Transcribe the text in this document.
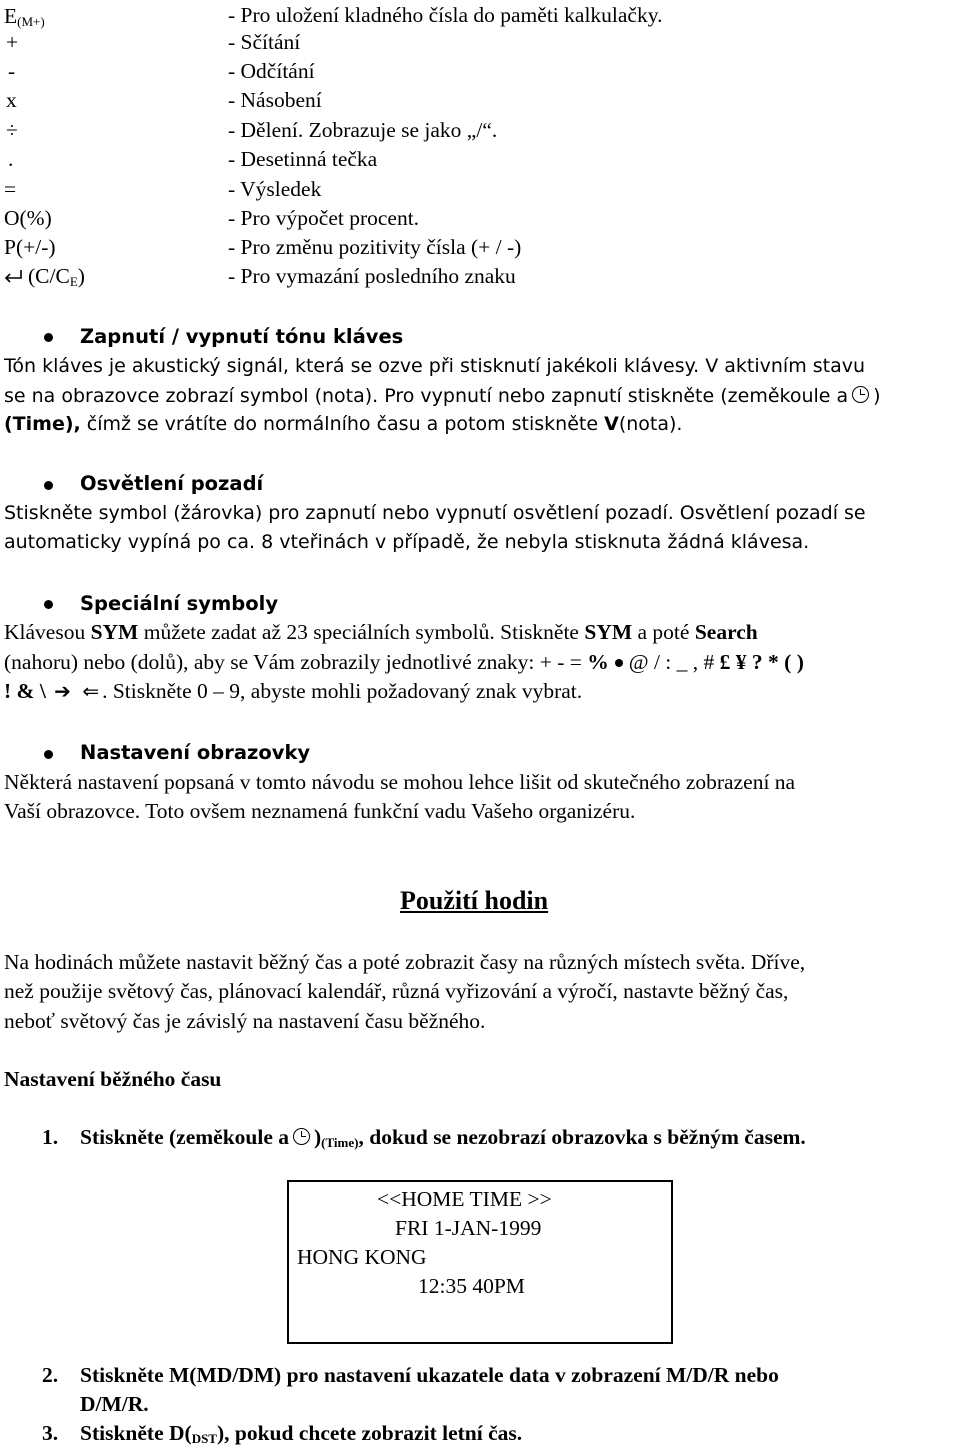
$E_{(M+)}$	- Pro uložení kladného čísla do paměti kalkulačky.
+	- Sčítání
-	- Odčítání
x	- Násobení
÷	- Dělení. Zobrazuje se jako „/“.
.	- Desetinná tečka
=	- Výsledek
O(%)	- Pro výpočet procent.
P(+/-)	- Pro změnu pozitivity čísla (+ / -)
$(C/C_E)$	- Pro vymazání posledního znaku
Zapnutí / vypnutí tónu kláves
Tón kláves je akustický signál, která se ozve při stisknutí jakékoli klávesy. V aktivním stavu
se na obrazovce zobrazí symbol (nota). Pro vypnutí nebo zapnutí stiskněte (zeměkoule a )
(Time), čímž se vrátíte do normálního času a potom stiskněte V(nota).
Osvětlení pozadí
Stiskněte symbol (žárovka) pro zapnutí nebo vypnutí osvětlení pozadí. Osvětlení pozadí se
automaticky vypíná po ca. 8 vteřinách v případě, že nebyla stisknuta žádná klávesa.
Speciální symboly
Klávesou SYM můžete zadat až 23 speciálních symbolů. Stiskněte SYM a poté Search
(nahoru) nebo (dolů), aby se Vám zobrazily jednotlivé znaky: + - = % @ / : _ , # £ ¥ ? * ( )
! & \ ➔ ⇐ . Stiskněte 0 – 9, abyste mohli požadovaný znak vybrat.
Nastavení obrazovky
Některá nastavení popsaná v tomto návodu se mohou lehce lišit od skutečného zobrazení na
Vaší obrazovce. Toto ovšem neznamená funkční vadu Vašeho organizéru.
Použití hodin
Na hodinách můžete nastavit běžný čas a poté zobrazit časy na různých místech světa. Dříve,
než použije světový čas, plánovací kalendář, různá vyřizování a výročí, nastavte běžný čas,
neboť světový čas je závislý na nastavení času běžného.
Nastavení běžného času
1. Stiskněte (zeměkoule a )$_{(Time)}$, dokud se nezobrazí obrazovka s běžným časem.
<<HOME TIME >>
FRI 1-JAN-1999
HONG KONG
12:35 40PM
2. Stiskněte M(MD/DM) pro nastavení ukazatele data v zobrazení M/D/R nebo
D/M/R.
3. Stiskněte $D(_{DST})$, pokud chcete zobrazit letní čas.
